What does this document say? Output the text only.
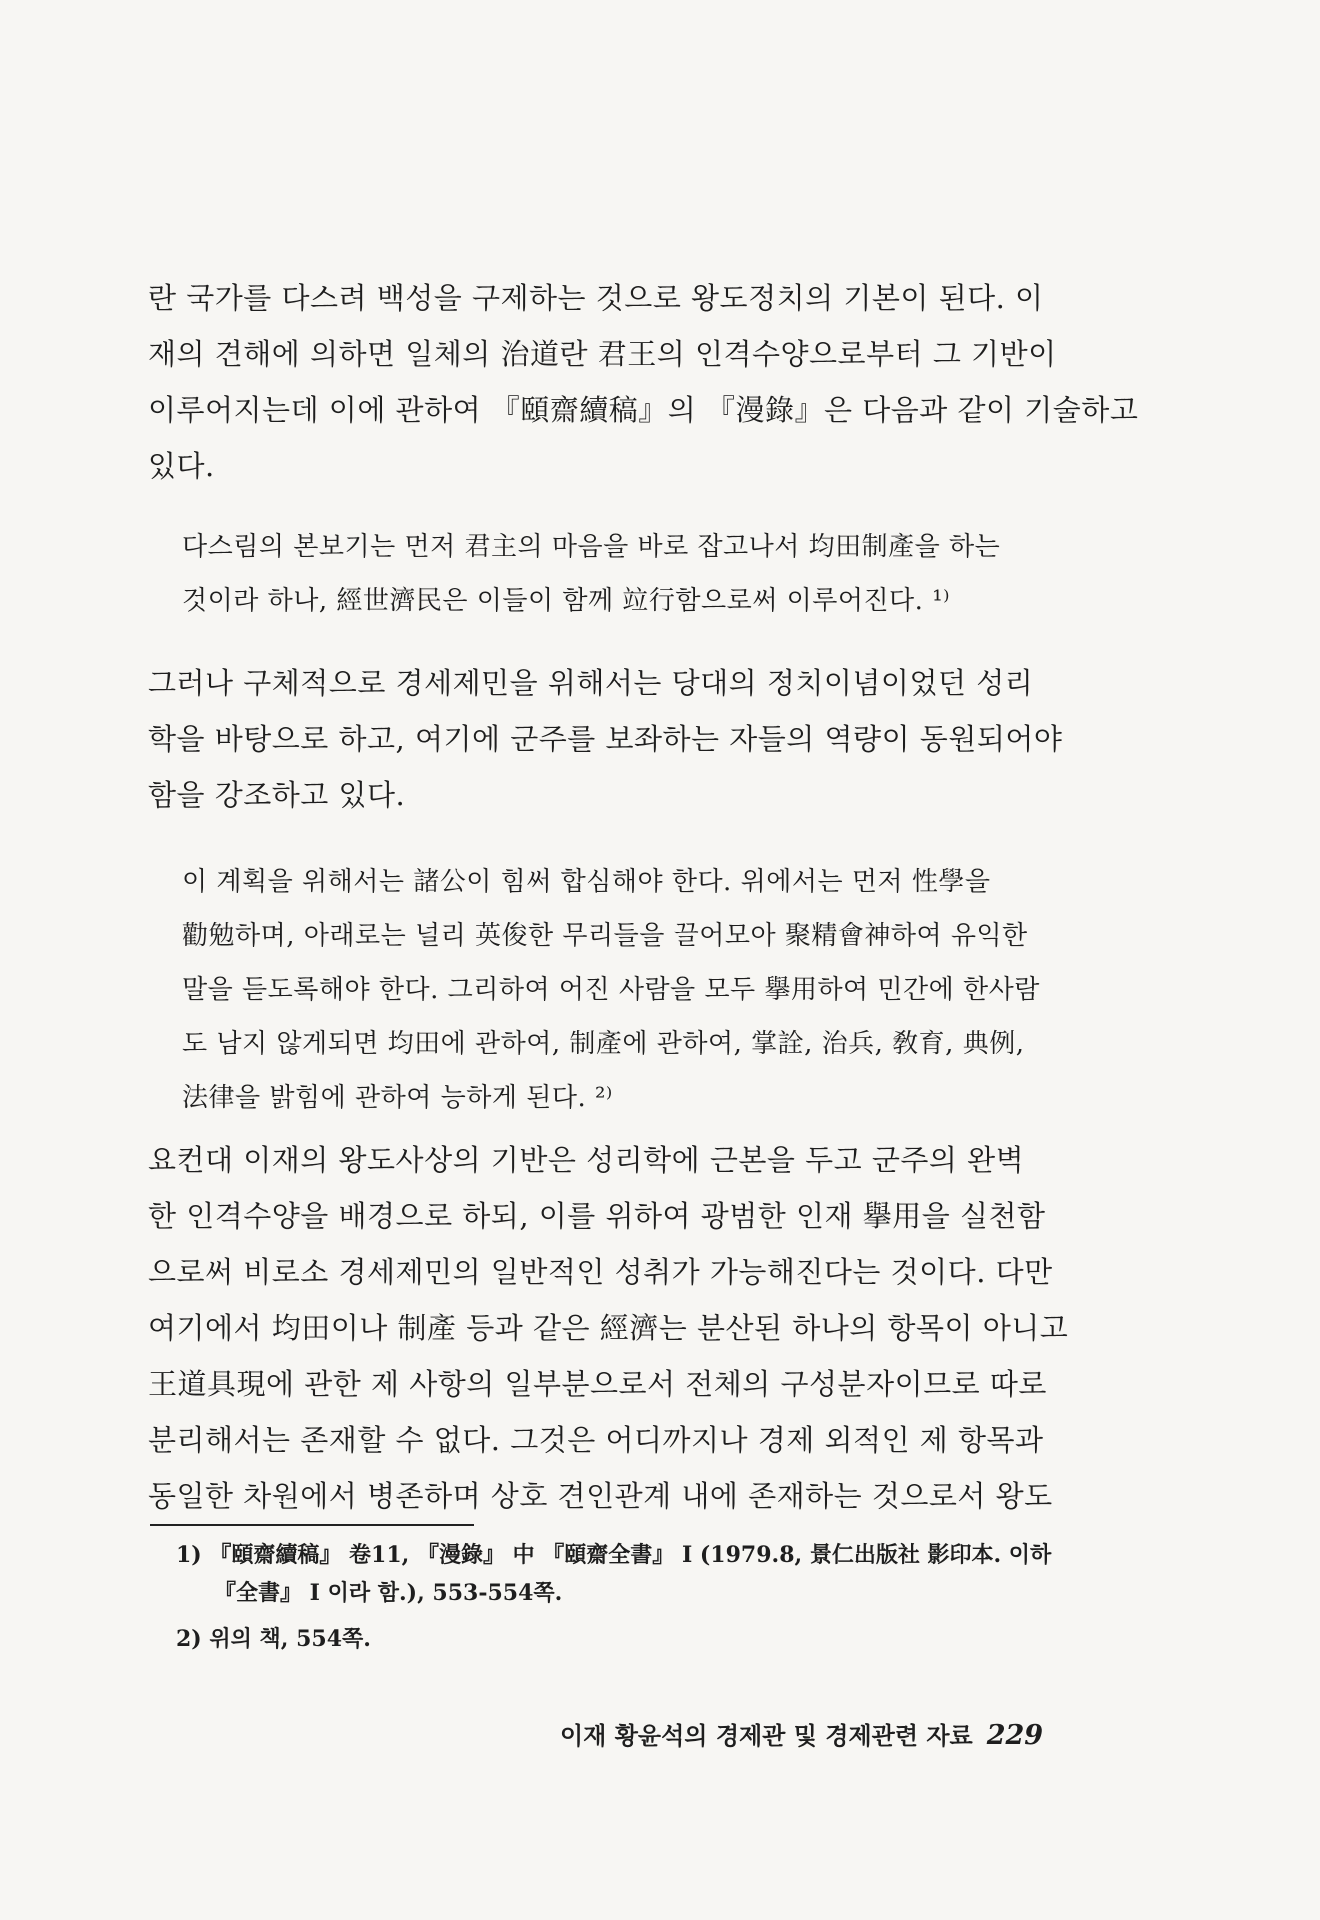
란 국가를 다스려 백성을 구제하는 것으로 왕도정치의 기본이 된다. 이
재의 견해에 의하면 일체의 治道란 君王의 인격수양으로부터 그 기반이
이루어지는데 이에 관하여 『頤齋續稿』의 『漫錄』은 다음과 같이 기술하고
있다.

다스림의 본보기는 먼저 君主의 마음을 바로 잡고나서 均田制產을 하는
것이라 하나, 經世濟民은 이들이 함께 竝行함으로써 이루어진다. ¹⁾

그러나 구체적으로 경세제민을 위해서는 당대의 정치이념이었던 성리
학을 바탕으로 하고, 여기에 군주를 보좌하는 자들의 역량이 동원되어야
함을 강조하고 있다.

이 계획을 위해서는 諸公이 힘써 합심해야 한다. 위에서는 먼저 性學을
勸勉하며, 아래로는 널리 英俊한 무리들을 끌어모아 聚精會神하여 유익한
말을 듣도록해야 한다. 그리하여 어진 사람을 모두 擧用하여 민간에 한사람
도 남지 않게되면 均田에 관하여, 制產에 관하여, 掌詮, 治兵, 敎育, 典例,
法律을 밝힘에 관하여 능하게 된다. ²⁾

요컨대 이재의 왕도사상의 기반은 성리학에 근본을 두고 군주의 완벽
한 인격수양을 배경으로 하되, 이를 위하여 광범한 인재 擧用을 실천함
으로써 비로소 경세제민의 일반적인 성취가 가능해진다는 것이다. 다만
여기에서 均田이나 制產 등과 같은 經濟는 분산된 하나의 항목이 아니고
王道具現에 관한 제 사항의 일부분으로서 전체의 구성분자이므로 따로
분리해서는 존재할 수 없다. 그것은 어디까지나 경제 외적인 제 항목과
동일한 차원에서 병존하며 상호 견인관계 내에 존재하는 것으로서 왕도

1) 『頤齋續稿』 卷11, 『漫錄』 中 『頤齋全書』 I (1979.8, 景仁出版社 影印本. 이하
『全書』 I 이라 함.), 553-554쪽.
2) 위의 책, 554쪽.
이재 황윤석의 경제관 및 경제관련 자료 229
